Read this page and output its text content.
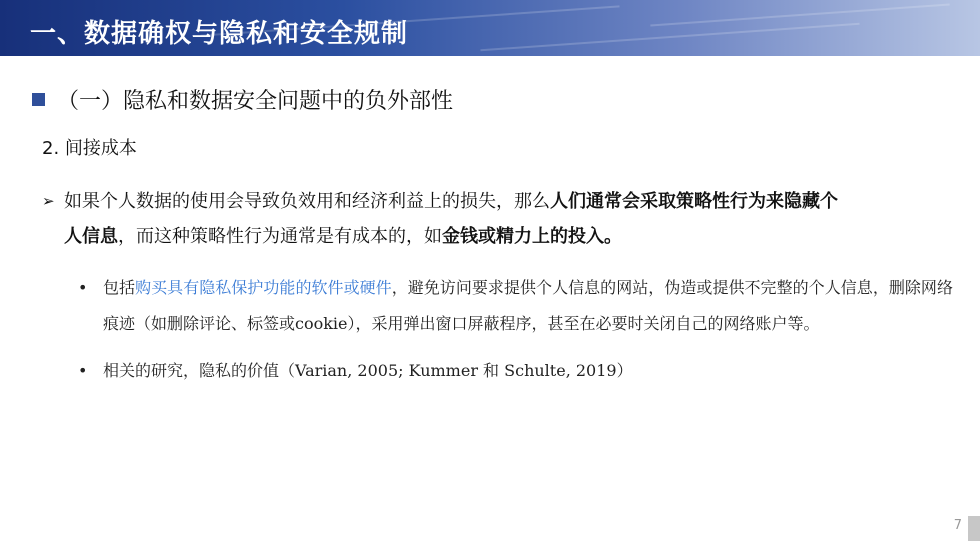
一、数据确权与隐私和安全规制
（一）隐私和数据安全问题中的负外部性
2. 间接成本
➢ 如果个人数据的使用会导致负效用和经济利益上的损失，那么人们通常会采取策略性行为来隐藏个
人信息，而这种策略性行为通常是有成本的，如金钱或精力上的投入。
• 包括购买具有隐私保护功能的软件或硬件，避免访问要求提供个人信息的网站，伪造或提供不完整的个人信息，删除网络痕迹（如删除评论、标签或cookie），采用弹出窗口屏蔽程序，甚至在必要时关闭自己的网络账户等。
• 相关的研究，隐私的价值（Varian, 2005; Kummer 和 Schulte, 2019）
7
